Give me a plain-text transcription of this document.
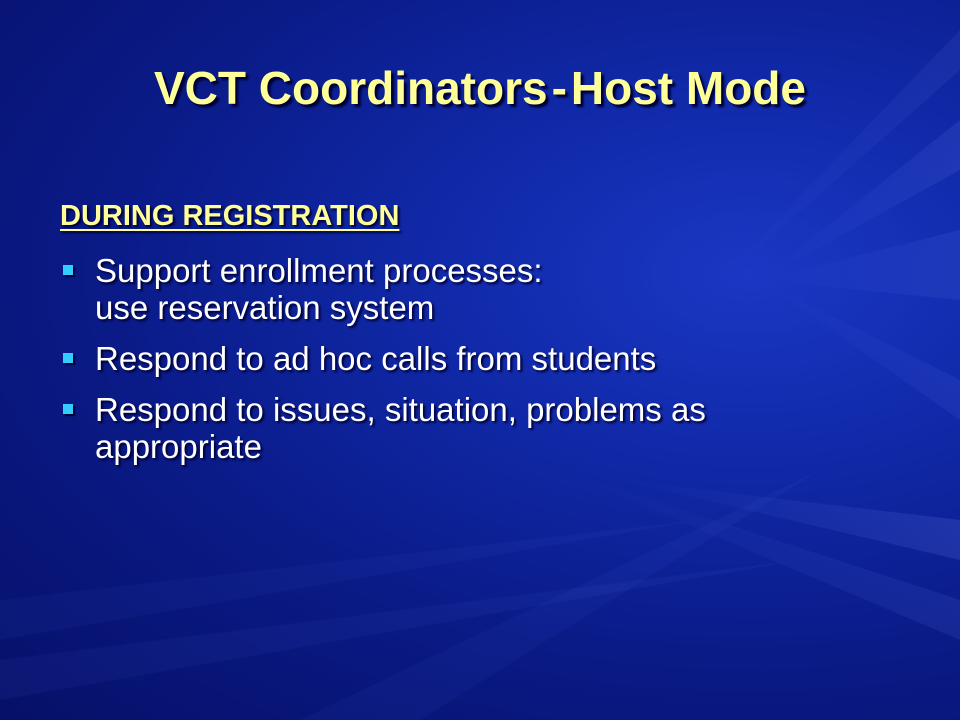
VCT Coordinators-Host Mode
DURING REGISTRATION
Support enrollment processes:
use reservation system
Respond to ad hoc calls from students
Respond to issues, situation, problems as
appropriate
